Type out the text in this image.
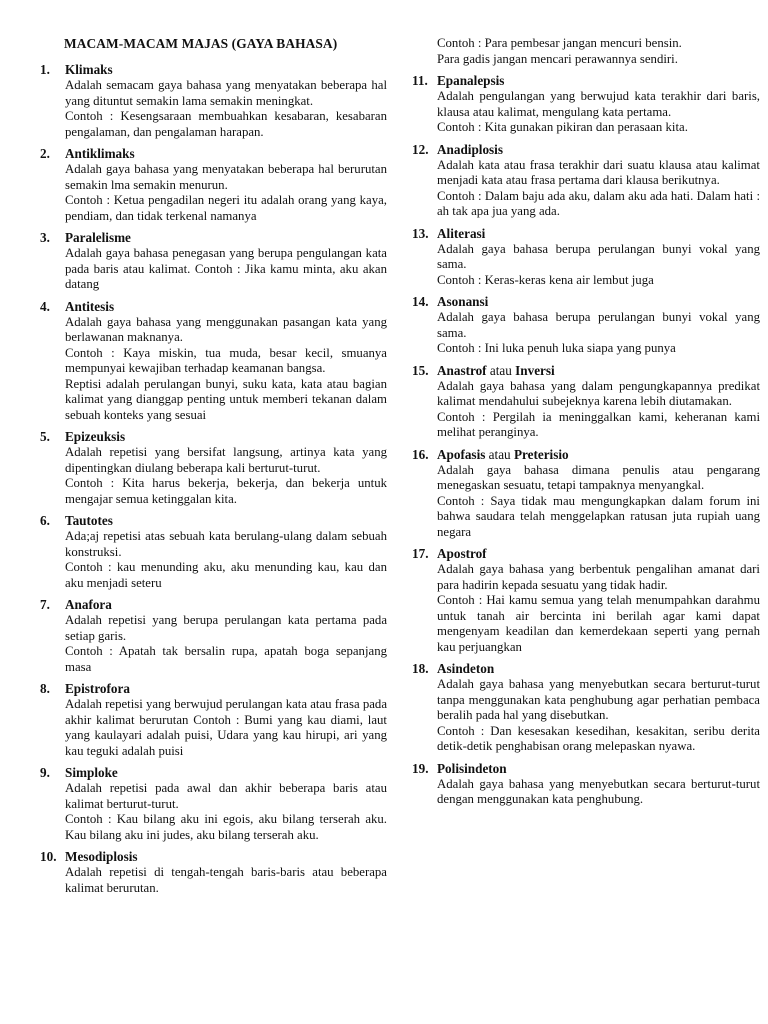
MACAM-MACAM MAJAS (GAYA BAHASA)
1.	Klimaks
Adalah semacam gaya bahasa yang menyatakan beberapa hal yang dituntut semakin lama semakin meningkat.
Contoh : Kesengsaraan membuahkan kesabaran, kesabaran pengalaman, dan pengalaman harapan.
2.	Antiklimaks
Adalah gaya bahasa yang menyatakan beberapa hal berurutan semakin lma semakin menurun.
Contoh : Ketua pengadilan negeri itu adalah orang yang kaya, pendiam, dan tidak terkenal namanya
3.	Paralelisme
Adalah gaya bahasa penegasan yang berupa pengulangan kata pada baris atau kalimat. Contoh : Jika kamu minta, aku akan datang
4.	Antitesis
Adalah gaya bahasa yang menggunakan pasangan kata yang berlawanan maknanya.
Contoh : Kaya miskin, tua muda, besar kecil, smuanya mempunyai kewajiban terhadap keamanan bangsa.
Reptisi adalah perulangan bunyi, suku kata, kata atau bagian kalimat yang dianggap penting untuk memberi tekanan dalam sebuah konteks yang sesuai
5.	Epizeuksis
Adalah repetisi yang bersifat langsung, artinya kata yang dipentingkan diulang beberapa kali berturut-turut.
Contoh : Kita harus bekerja, bekerja, dan bekerja untuk mengajar semua ketinggalan kita.
6.	Tautotes
Ada;aj repetisi atas sebuah kata berulang-ulang dalam sebuah konstruksi.
Contoh : kau menunding aku, aku menunding kau, kau dan aku menjadi seteru
7.	Anafora
Adalah repetisi yang berupa perulangan kata pertama pada setiap garis.
Contoh : Apatah tak bersalin rupa, apatah boga sepanjang masa
8.	Epistrofora
Adalah repetisi yang berwujud perulangan kata atau frasa pada akhir kalimat berurutan Contoh : Bumi yang kau diami, laut yang kaulayari adalah puisi, Udara yang kau hirupi, ari yang kau teguki adalah puisi
9.	Simploke
Adalah repetisi pada awal dan akhir beberapa baris atau kalimat berturut-turut.
Contoh : Kau bilang aku ini egois, aku bilang terserah aku. Kau bilang aku ini judes, aku bilang terserah aku.
10. Mesodiplosis
Adalah repetisi di tengah-tengah baris-baris atau beberapa kalimat berurutan.
Contoh : Para pembesar jangan mencuri bensin.
Para gadis jangan mencari perawannya sendiri.
11. Epanalepsis
Adalah pengulangan yang berwujud kata terakhir dari baris, klausa atau kalimat, mengulang kata pertama.
Contoh : Kita gunakan pikiran dan perasaan kita.
12. Anadiplosis
Adalah kata atau frasa terakhir dari suatu klausa atau kalimat menjadi kata atau frasa pertama dari klausa berikutnya.
Contoh : Dalam baju ada aku, dalam aku ada hati. Dalam hati : ah tak apa jua yang ada.
13. Aliterasi
Adalah gaya bahasa berupa perulangan bunyi vokal yang sama.
Contoh : Keras-keras kena air lembut juga
14. Asonansi
Adalah gaya bahasa berupa perulangan bunyi vokal yang sama.
Contoh : Ini luka penuh luka siapa yang punya
15. Anastrof atau Inversi
Adalah gaya bahasa yang dalam pengungkapannya predikat kalimat mendahului subejeknya karena lebih diutamakan.
Contoh : Pergilah ia meninggalkan kami, keheranan kami melihat peranginya.
16. Apofasis atau Preterisio
Adalah gaya bahasa dimana penulis atau pengarang menegaskan sesuatu, tetapi tampaknya menyangkal.
Contoh : Saya tidak mau mengungkapkan dalam forum ini bahwa saudara telah menggelapkan ratusan juta rupiah uang negara
17. Apostrof
Adalah gaya bahasa yang berbentuk pengalihan amanat dari para hadirin kepada sesuatu yang tidak hadir.
Contoh : Hai kamu semua yang telah menumpahkan darahmu untuk tanah air bercinta ini berilah agar kami dapat mengenyam keadilan dan kemerdekaan seperti yang pernah kau perjuangkan
18. Asindeton
Adalah gaya bahasa yang menyebutkan secara berturut-turut tanpa menggunakan kata penghubung agar perhatian pembaca beralih pada hal yang disebutkan.
Contoh : Dan kesesakan kesedihan, kesakitan, seribu derita detik-detik penghabisan orang melepaskan nyawa.
19. Polisindeton
Adalah gaya bahasa yang menyebutkan secara berturut-turut dengan menggunakan kata penghubung.
